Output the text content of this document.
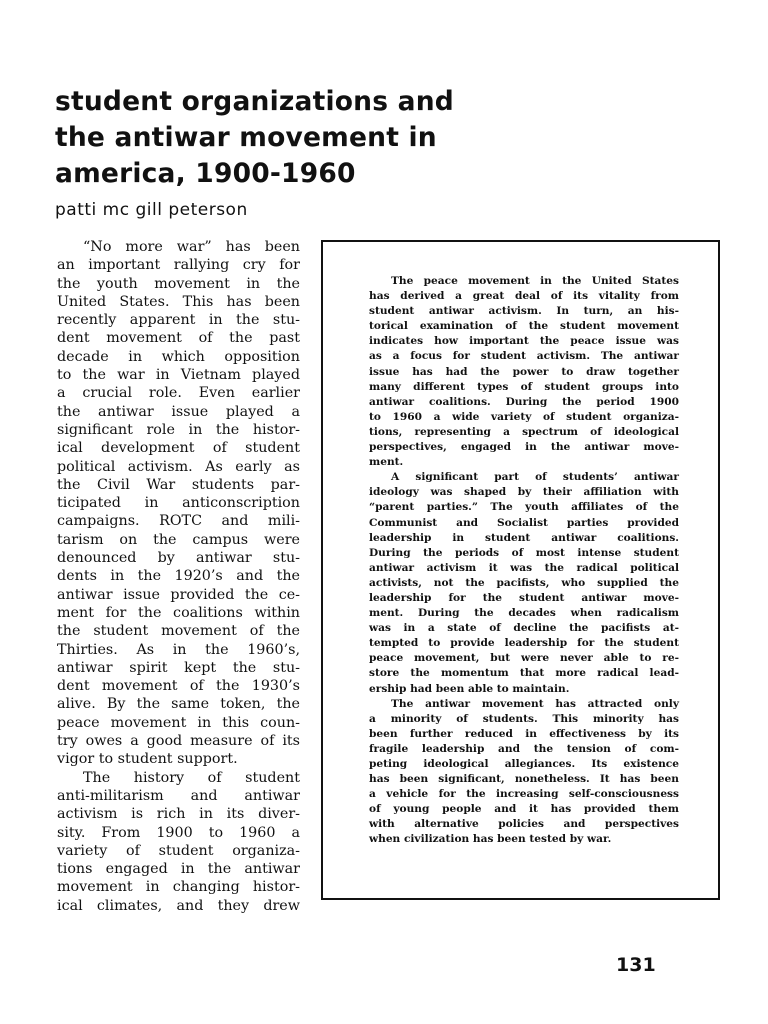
student organizations and
the antiwar movement in
america, 1900-1960
patti mc gill peterson

“No more war” has been
an important rallying cry for
the youth movement in the
United States. This has been
recently apparent in the stu-
dent movement of the past
decade in which opposition
to the war in Vietnam played
a crucial role. Even earlier
the antiwar issue played a
significant role in the histor-
ical development of student
political activism. As early as
the Civil War students par-
ticipated in anticonscription
campaigns. ROTC and mili-
tarism on the campus were
denounced by antiwar stu-
dents in the 1920’s and the
antiwar issue provided the ce-
ment for the coalitions within
the student movement of the
Thirties. As in the 1960’s,
antiwar spirit kept the stu-
dent movement of the 1930’s
alive. By the same token, the
peace movement in this coun-
try owes a good measure of its
vigor to student support.

The history of student
anti-militarism and antiwar
activism is rich in its diver-
sity. From 1900 to 1960 a
variety of student organiza-
tions engaged in the antiwar
movement in changing histor-
ical climates, and they drew

The peace movement in the United States
has derived a great deal of its vitality from
student antiwar activism. In turn, an his-
torical examination of the student movement
indicates how important the peace issue was
as a focus for student activism. The antiwar
issue has had the power to draw together
many different types of student groups into
antiwar coalitions. During the period 1900
to 1960 a wide variety of student organiza-
tions, representing a spectrum of ideological
perspectives, engaged in the antiwar move-
ment.

A significant part of students’ antiwar
ideology was shaped by their affiliation with
“parent parties.” The youth affiliates of the
Communist and Socialist parties provided
leadership in student antiwar coalitions.
During the periods of most intense student
antiwar activism it was the radical political
activists, not the pacifists, who supplied the
leadership for the student antiwar move-
ment. During the decades when radicalism
was in a state of decline the pacifists at-
tempted to provide leadership for the student
peace movement, but were never able to re-
store the momentum that more radical lead-
ership had been able to maintain.

The antiwar movement has attracted only
a minority of students. This minority has
been further reduced in effectiveness by its
fragile leadership and the tension of com-
peting ideological allegiances. Its existence
has been significant, nonetheless. It has been
a vehicle for the increasing self-consciousness
of young people and it has provided them
with alternative policies and perspectives
when civilization has been tested by war.

131
